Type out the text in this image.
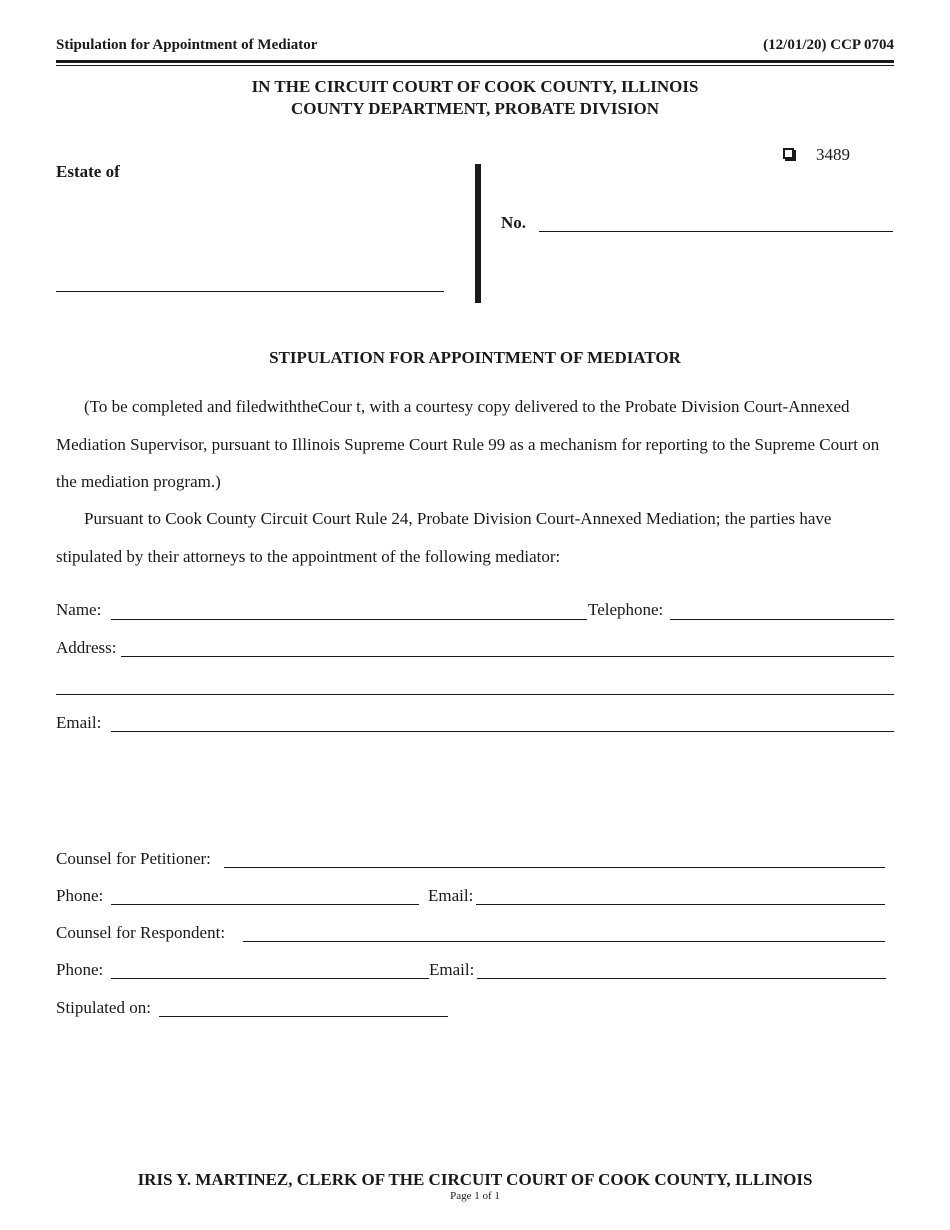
Stipulation for Appointment of Mediator	(12/01/20) CCP 0704
IN THE CIRCUIT COURT OF COOK COUNTY, ILLINOIS
COUNTY DEPARTMENT, PROBATE DIVISION
Estate of
3489
No.
STIPULATION FOR APPOINTMENT OF MEDIATOR
(To be completed and filedwiththeCour t, with a courtesy copy delivered to the Probate Division Court-Annexed Mediation Supervisor, pursuant to Illinois Supreme Court Rule 99 as a mechanism for reporting to the Supreme Court on the mediation program.)
Pursuant to Cook County Circuit Court Rule 24, Probate Division Court-Annexed Mediation; the parties have stipulated by their attorneys to the appointment of the following mediator:
Name:	Telephone:
Address:
Email:
Counsel for Petitioner:
Phone:	Email:
Counsel for Respondent:
Phone:	Email:
Stipulated on:
IRIS Y. MARTINEZ, CLERK OF THE CIRCUIT COURT OF COOK COUNTY, ILLINOIS
Page 1 of 1
